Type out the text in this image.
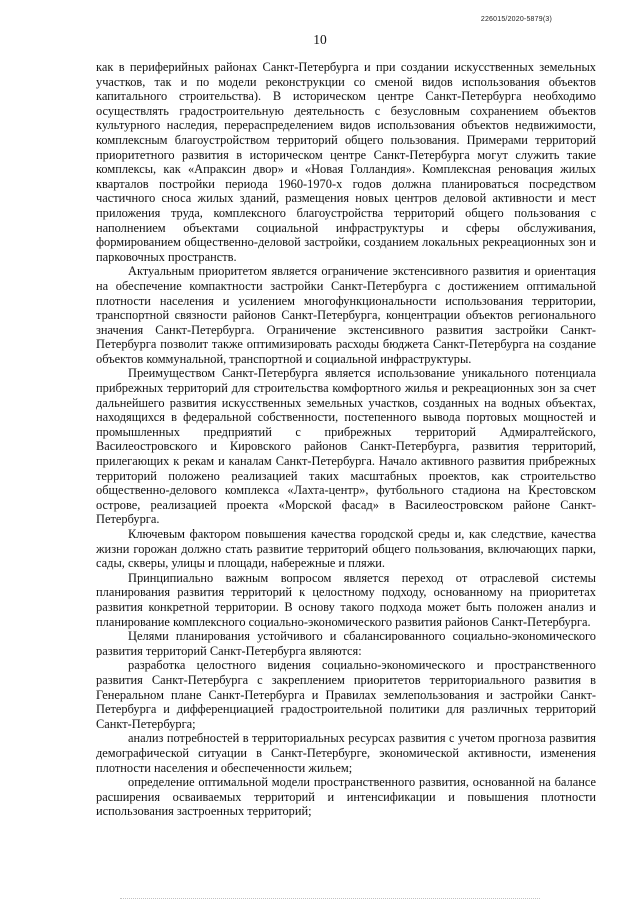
226015/2020-5879(3)
10

как в периферийных районах Санкт-Петербурга и при создании искусственных земельных участков, так и по модели реконструкции со сменой видов использования объектов капитального строительства). В историческом центре Санкт-Петербурга необходимо осуществлять градостроительную деятельность с безусловным сохранением объектов культурного наследия, перераспределением видов использования объектов недвижимости, комплексным благоустройством территорий общего пользования. Примерами территорий приоритетного развития в историческом центре Санкт-Петербурга могут служить такие комплексы, как «Апраксин двор» и «Новая Голландия». Комплексная реновация жилых кварталов постройки периода 1960-1970-х годов должна планироваться посредством частичного сноса жилых зданий, размещения новых центров деловой активности и мест приложения труда, комплексного благоустройства территорий общего пользования с наполнением объектами социальной инфраструктуры и сферы обслуживания, формированием общественно-деловой застройки, созданием локальных рекреационных зон и парковочных пространств.

Актуальным приоритетом является ограничение экстенсивного развития и ориентация на обеспечение компактности застройки Санкт-Петербурга с достижением оптимальной плотности населения и усилением многофункциональности использования территории, транспортной связности районов Санкт-Петербурга, концентрации объектов регионального значения Санкт-Петербурга. Ограничение экстенсивного развития застройки Санкт-Петербурга позволит также оптимизировать расходы бюджета Санкт-Петербурга на создание объектов коммунальной, транспортной и социальной инфраструктуры.

Преимуществом Санкт-Петербурга является использование уникального потенциала прибрежных территорий для строительства комфортного жилья и рекреационных зон за счет дальнейшего развития искусственных земельных участков, созданных на водных объектах, находящихся в федеральной собственности, постепенного вывода портовых мощностей и промышленных предприятий с прибрежных территорий Адмиралтейского, Василеостровского и Кировского районов Санкт-Петербурга, развития территорий, прилегающих к рекам и каналам Санкт-Петербурга. Начало активного развития прибрежных территорий положено реализацией таких масштабных проектов, как строительство общественно-делового комплекса «Лахта-центр», футбольного стадиона на Крестовском острове, реализацией проекта «Морской фасад» в Василеостровском районе Санкт-Петербурга.

Ключевым фактором повышения качества городской среды и, как следствие, качества жизни горожан должно стать развитие территорий общего пользования, включающих парки, сады, скверы, улицы и площади, набережные и пляжи.

Принципиально важным вопросом является переход от отраслевой системы планирования развития территорий к целостному подходу, основанному на приоритетах развития конкретной территории. В основу такого подхода может быть положен анализ и планирование комплексного социально-экономического развития районов Санкт-Петербурга.

Целями планирования устойчивого и сбалансированного социально-экономического развития территорий Санкт-Петербурга являются:

разработка целостного видения социально-экономического и пространственного развития Санкт-Петербурга с закреплением приоритетов территориального развития в Генеральном плане Санкт-Петербурга и Правилах землепользования и застройки Санкт-Петербурга и дифференциацией градостроительной политики для различных территорий Санкт-Петербурга;

анализ потребностей в территориальных ресурсах развития с учетом прогноза развития демографической ситуации в Санкт-Петербурге, экономической активности, изменения плотности населения и обеспеченности жильем;

определение оптимальной модели пространственного развития, основанной на балансе расширения осваиваемых территорий и интенсификации и повышения плотности использования застроенных территорий;
